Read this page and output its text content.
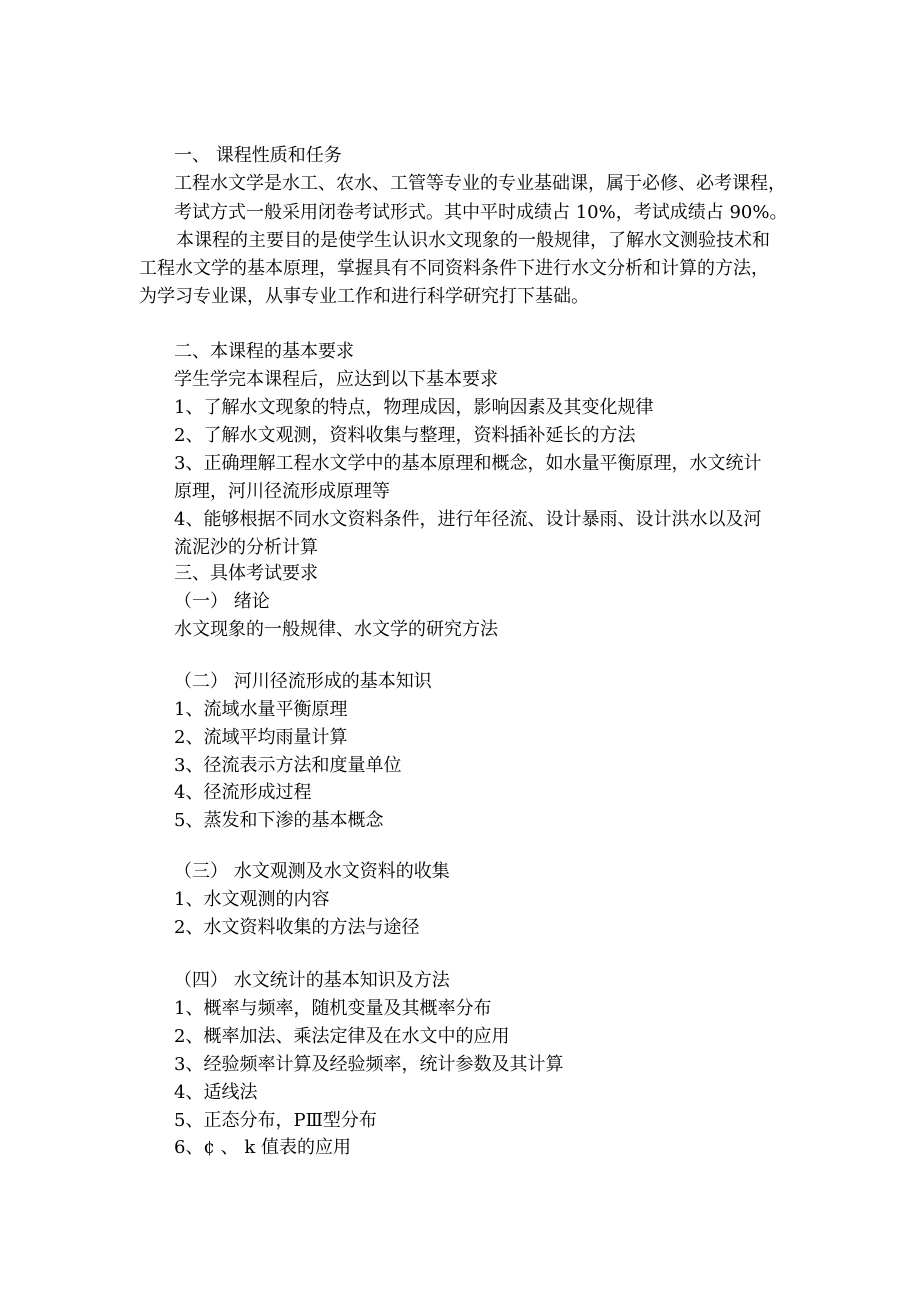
一、 课程性质和任务
工程水文学是水工、农水、工管等专业的专业基础课，属于必修、必考课程，
考试方式一般采用闭卷考试形式。其中平时成绩占 10%，考试成绩占 90%。
本课程的主要目的是使学生认识水文现象的一般规律，了解水文测验技术和
工程水文学的基本原理，掌握具有不同资料条件下进行水文分析和计算的方法，
为学习专业课，从事专业工作和进行科学研究打下基础。
二、本课程的基本要求
学生学完本课程后，应达到以下基本要求
1、了解水文现象的特点，物理成因，影响因素及其变化规律
2、了解水文观测，资料收集与整理，资料插补延长的方法
3、正确理解工程水文学中的基本原理和概念，如水量平衡原理，水文统计
原理，河川径流形成原理等
4、能够根据不同水文资料条件，进行年径流、设计暴雨、设计洪水以及河
流泥沙的分析计算
三、具体考试要求
（一） 绪论
水文现象的一般规律、水文学的研究方法
（二） 河川径流形成的基本知识
1、流域水量平衡原理
2、流域平均雨量计算
3、径流表示方法和度量单位
4、径流形成过程
5、蒸发和下渗的基本概念
（三） 水文观测及水文资料的收集
1、水文观测的内容
2、水文资料收集的方法与途径
（四） 水文统计的基本知识及方法
1、概率与频率，随机变量及其概率分布
2、概率加法、乘法定律及在水文中的应用
3、经验频率计算及经验频率，统计参数及其计算
4、适线法
5、正态分布，PⅢ型分布
6、¢ 、 k 值表的应用
